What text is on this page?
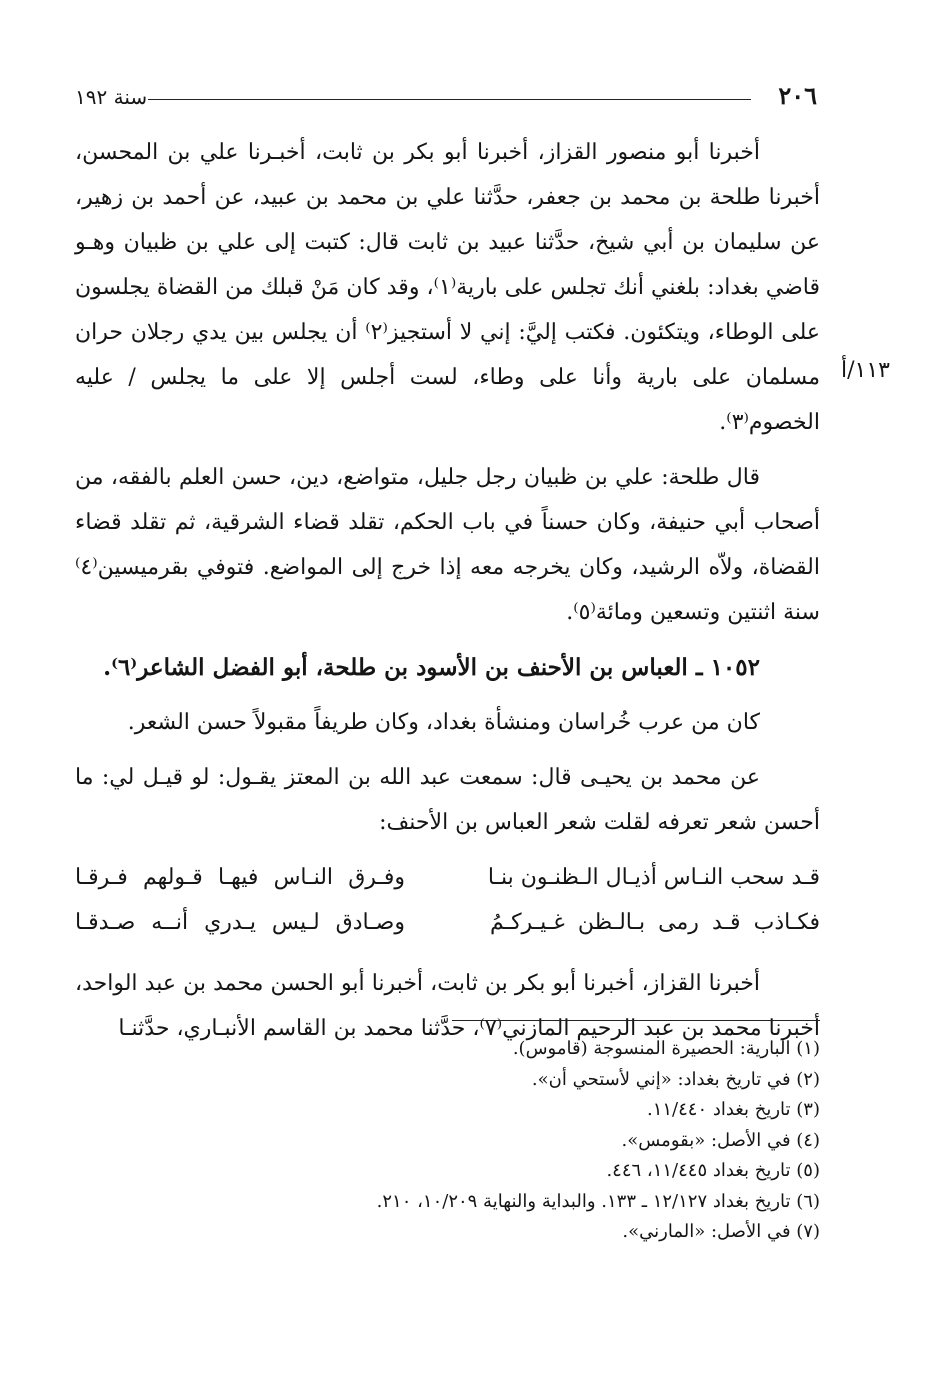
٢٠٦
سنة ١٩٢

أخبرنا أبو منصور القزاز، أخبرنا أبو بكر بن ثابت، أخبـرنا علي بن المحسن، أخبرنا طلحة بن محمد بن جعفر، حدَّثنا علي بن محمد بن عبيد، عن أحمد بن زهير، عن سليمان بن أبي شيخ، حدَّثنا عبيد بن ثابت قال: كتبت إلى علي بن ظبيان وهـو قاضي بغداد: بلغني أنك تجلس على بارية⁽١⁾، وقد كان مَنْ قبلك من القضاة يجلسون على الوطاء، ويتكئون. فكتب إليَّ: إني لا أستجيز⁽٢⁾ أن يجلس بين يدي رجلان حران مسلمان على بارية وأنا على وطاء، لست أجلس إلا على ما يجلس / عليه الخصوم⁽٣⁾.

١١٣/أ

قال طلحة: علي بن ظبيان رجل جليل، متواضع، دين، حسن العلم بالفقه، من أصحاب أبي حنيفة، وكان حسناً في باب الحكم، تقلد قضاء الشرقية، ثم تقلد قضاء القضاة، ولاّه الرشيد، وكان يخرجه معه إذا خرج إلى المواضع. فتوفي بقرميسين⁽٤⁾ سنة اثنتين وتسعين ومائة⁽٥⁾.

١٠٥٢ ـ العباس بن الأحنف بن الأسود بن طلحة، أبو الفضل الشاعر⁽٦⁾.

كان من عرب خُراسان ومنشأة بغداد، وكان طريفاً مقبولاً حسن الشعر.

عن محمد بن يحيـى قال: سمعت عبد الله بن المعتز يقـول: لو قيـل لي: ما أحسن شعر تعرفه لقلت شعر العباس بن الأحنف:

قـد سحب النـاس أذيـال الـظنـون بنـا
وفـرق النـاس فيهـا قـولهم فـرقـا
فكـاذب قـد رمى بـالـظن غـيـركـمُ
وصـادق لـيس يـدري أنــه صـدقـا

أخبرنا القزاز، أخبرنا أبو بكر بن ثابت، أخبرنا أبو الحسن محمد بن عبد الواحد، أخبرنا محمد بن عبد الرحيم المازني⁽٧⁾، حدَّثنا محمد بن القاسم الأنبـاري، حدَّثنـا

(١) البارية: الحصيرة المنسوجة (قاموس).

(٢) في تاريخ بغداد: «إني لأستحي أن».

(٣) تاريخ بغداد ١١/٤٤٠.

(٤) في الأصل: «بقومس».

(٥) تاريخ بغداد ١١/٤٤٥، ٤٤٦.

(٦) تاريخ بغداد ١٢/١٢٧ ـ ١٣٣. والبداية والنهاية ١٠/٢٠٩، ٢١٠.

(٧) في الأصل: «المارني».
